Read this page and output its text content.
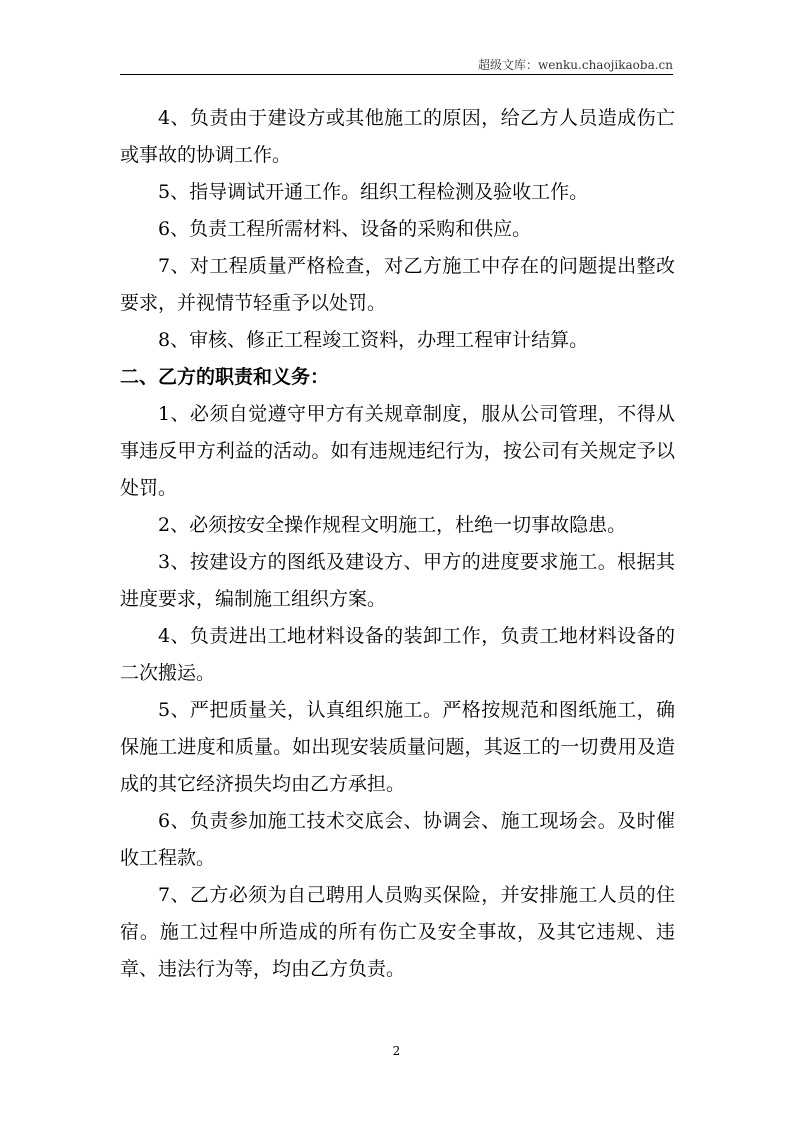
超级文库：wenku.chaojikaoba.cn

4、负责由于建设方或其他施工的原因，给乙方人员造成伤亡或事故的协调工作。

5、指导调试开通工作。组织工程检测及验收工作。

6、负责工程所需材料、设备的采购和供应。

7、对工程质量严格检查，对乙方施工中存在的问题提出整改要求，并视情节轻重予以处罚。

8、审核、修正工程竣工资料，办理工程审计结算。

二、乙方的职责和义务：

1、必须自觉遵守甲方有关规章制度，服从公司管理，不得从事违反甲方利益的活动。如有违规违纪行为，按公司有关规定予以处罚。

2、必须按安全操作规程文明施工，杜绝一切事故隐患。

3、按建设方的图纸及建设方、甲方的进度要求施工。根据其进度要求，编制施工组织方案。

4、负责进出工地材料设备的装卸工作，负责工地材料设备的二次搬运。

5、严把质量关，认真组织施工。严格按规范和图纸施工，确保施工进度和质量。如出现安装质量问题，其返工的一切费用及造成的其它经济损失均由乙方承担。

6、负责参加施工技术交底会、协调会、施工现场会。及时催收工程款。

7、乙方必须为自己聘用人员购买保险，并安排施工人员的住宿。施工过程中所造成的所有伤亡及安全事故，及其它违规、违章、违法行为等，均由乙方负责。

2
